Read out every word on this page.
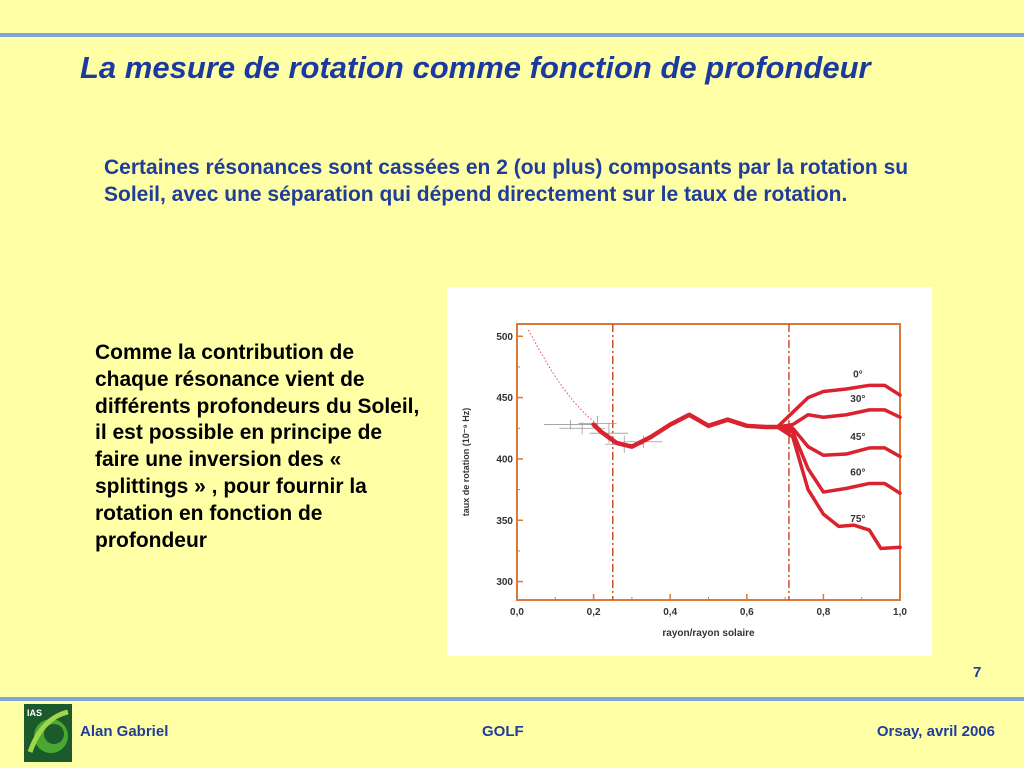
La mesure de rotation comme fonction de profondeur

Certaines résonances sont cassées en 2 (ou plus) composants par la rotation su Soleil, avec une séparation qui dépend directement sur le taux de rotation.

Comme la contribution de chaque résonance vient de différents profondeurs du Soleil, il est possible en principe de faire une inversion des « splittings » , pour fournir la rotation en fonction de profondeur

0°
30°
45°
60°
75°
0,0	0,2	0,4	0,6	0,8	1,0
300
350
400
450
500
rayon/rayon solaire
taux de rotation (10⁻⁹ Hz)
7
IAS
Alan Gabriel	GOLF	Orsay, avril 2006
